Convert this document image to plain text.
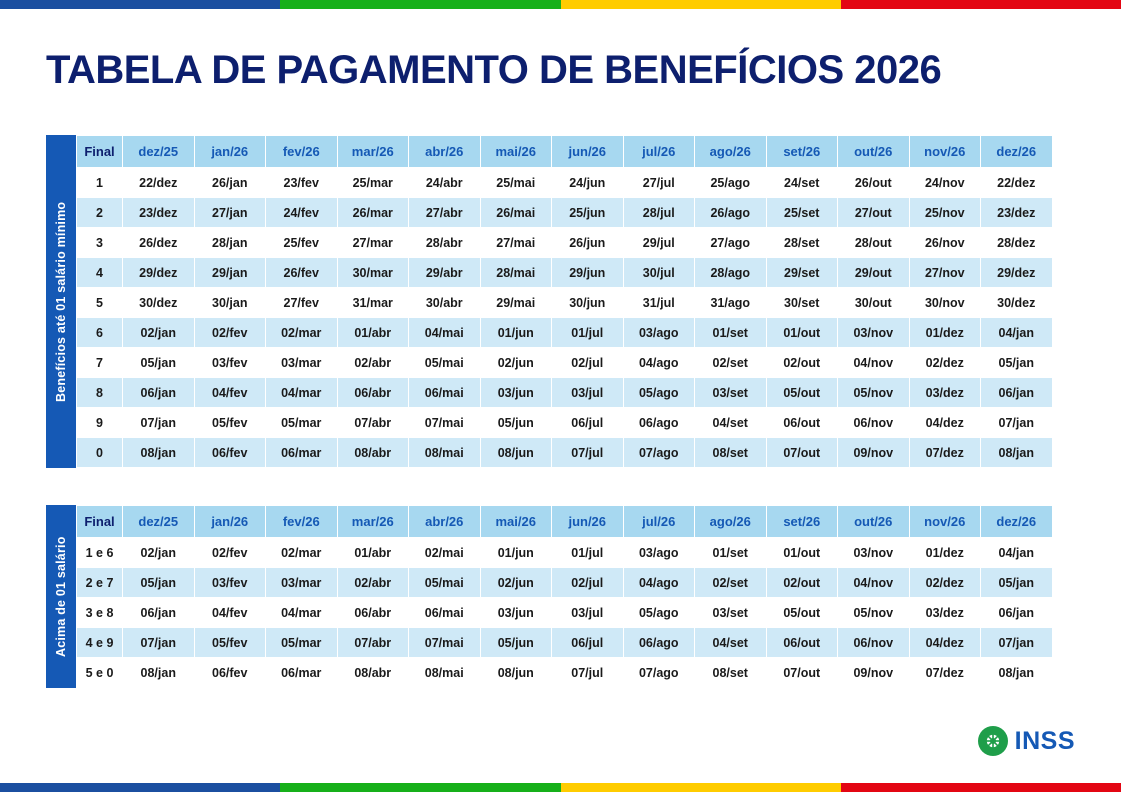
TABELA DE PAGAMENTO DE BENEFÍCIOS 2026
Benefícios até 01 salário mínimo
Final	dez/25	jan/26	fev/26	mar/26	abr/26	mai/26	jun/26	jul/26	ago/26	set/26	out/26	nov/26	dez/26
1	22/dez	26/jan	23/fev	25/mar	24/abr	25/mai	24/jun	27/jul	25/ago	24/set	26/out	24/nov	22/dez
2	23/dez	27/jan	24/fev	26/mar	27/abr	26/mai	25/jun	28/jul	26/ago	25/set	27/out	25/nov	23/dez
3	26/dez	28/jan	25/fev	27/mar	28/abr	27/mai	26/jun	29/jul	27/ago	28/set	28/out	26/nov	28/dez
4	29/dez	29/jan	26/fev	30/mar	29/abr	28/mai	29/jun	30/jul	28/ago	29/set	29/out	27/nov	29/dez
5	30/dez	30/jan	27/fev	31/mar	30/abr	29/mai	30/jun	31/jul	31/ago	30/set	30/out	30/nov	30/dez
6	02/jan	02/fev	02/mar	01/abr	04/mai	01/jun	01/jul	03/ago	01/set	01/out	03/nov	01/dez	04/jan
7	05/jan	03/fev	03/mar	02/abr	05/mai	02/jun	02/jul	04/ago	02/set	02/out	04/nov	02/dez	05/jan
8	06/jan	04/fev	04/mar	06/abr	06/mai	03/jun	03/jul	05/ago	03/set	05/out	05/nov	03/dez	06/jan
9	07/jan	05/fev	05/mar	07/abr	07/mai	05/jun	06/jul	06/ago	04/set	06/out	06/nov	04/dez	07/jan
0	08/jan	06/fev	06/mar	08/abr	08/mai	08/jun	07/jul	07/ago	08/set	07/out	09/nov	07/dez	08/jan
Acima de 01 salário
Final	dez/25	jan/26	fev/26	mar/26	abr/26	mai/26	jun/26	jul/26	ago/26	set/26	out/26	nov/26	dez/26
1 e 6	02/jan	02/fev	02/mar	01/abr	02/mai	01/jun	01/jul	03/ago	01/set	01/out	03/nov	01/dez	04/jan
2 e 7	05/jan	03/fev	03/mar	02/abr	05/mai	02/jun	02/jul	04/ago	02/set	02/out	04/nov	02/dez	05/jan
3 e 8	06/jan	04/fev	04/mar	06/abr	06/mai	03/jun	03/jul	05/ago	03/set	05/out	05/nov	03/dez	06/jan
4 e 9	07/jan	05/fev	05/mar	07/abr	07/mai	05/jun	06/jul	06/ago	04/set	06/out	06/nov	04/dez	07/jan
5 e 0	08/jan	06/fev	06/mar	08/abr	08/mai	08/jun	07/jul	07/ago	08/set	07/out	09/nov	07/dez	08/jan
INSS
